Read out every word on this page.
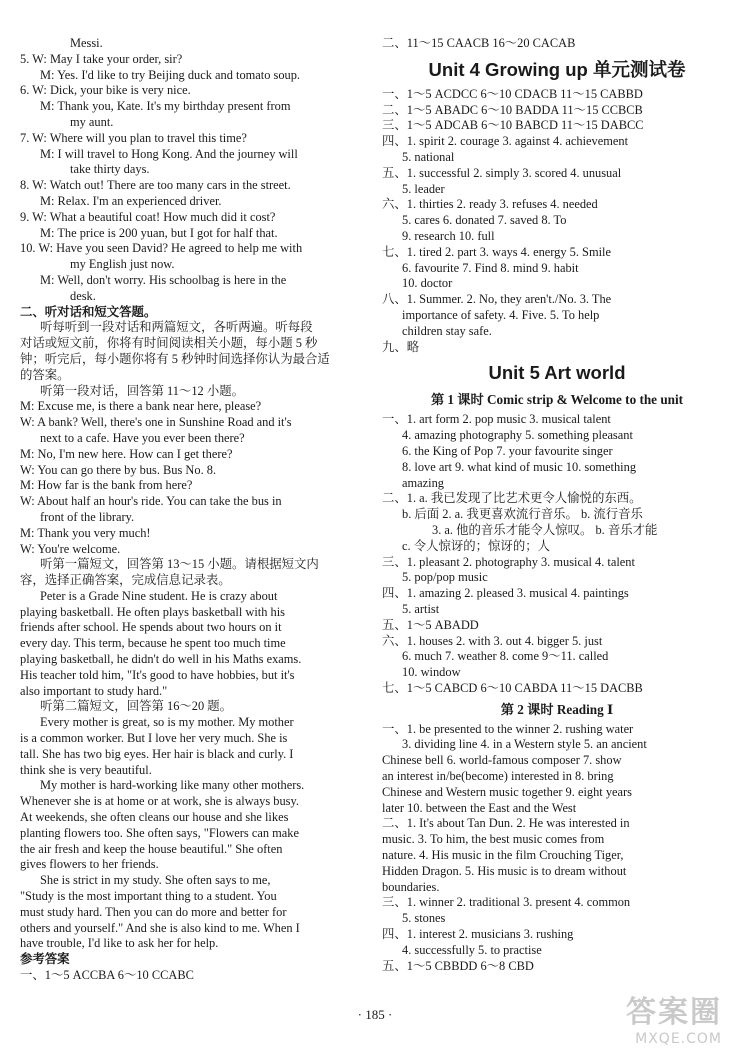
Messi.
5. W: May I take your order, sir?
M: Yes. I'd like to try Beijing duck and tomato soup.
6. W: Dick, your bike is very nice.
M: Thank you, Kate. It's my birthday present from
my aunt.
7. W: Where will you plan to travel this time?
M: I will travel to Hong Kong. And the journey will
take thirty days.
8. W: Watch out! There are too many cars in the street.
M: Relax. I'm an experienced driver.
9. W: What a beautiful coat! How much did it cost?
M: The price is 200 yuan, but I got for half that.
10. W: Have you seen David? He agreed to help me with
my English just now.
M: Well, don't worry. His schoolbag is here in the
desk.
二、听对话和短文答题。
听每听到一段对话和两篇短文，各听两遍。听每段
对话或短文前，你将有时间阅读相关小题，每小题 5 秒
钟；听完后，每小题你将有 5 秒钟时间选择你认为最合适
的答案。
听第一段对话，回答第 11～12 小题。
M: Excuse me, is there a bank near here, please?
W: A bank? Well, there's one in Sunshine Road and it's
next to a cafe. Have you ever been there?
M: No, I'm new here. How can I get there?
W: You can go there by bus. Bus No. 8.
M: How far is the bank from here?
W: About half an hour's ride. You can take the bus in
front of the library.
M: Thank you very much!
W: You're welcome.
听第一篇短文，回答第 13～15 小题。请根据短文内
容，选择正确答案，完成信息记录表。
Peter is a Grade Nine student. He is crazy about
playing basketball. He often plays basketball with his
friends after school. He spends about two hours on it
every day. This term, because he spent too much time
playing basketball, he didn't do well in his Maths exams.
His teacher told him, "It's good to have hobbies, but it's
also important to study hard."
听第二篇短文，回答第 16～20 题。
Every mother is great, so is my mother. My mother
is a common worker. But I love her very much. She is
tall. She has two big eyes. Her hair is black and curly. I
think she is very beautiful.
My mother is hard-working like many other mothers.
Whenever she is at home or at work, she is always busy.
At weekends, she often cleans our house and she likes
planting flowers too. She often says, "Flowers can make
the air fresh and keep the house beautiful." She often
gives flowers to her friends.
She is strict in my study. She often says to me,
"Study is the most important thing to a student. You
must study hard. Then you can do more and better for
others and yourself." And she is also kind to me. When I
have trouble, I'd like to ask her for help.
参考答案
一、1～5 ACCBA 6～10 CCABC
二、11～15 CAACB 16～20 CACAB
Unit 4 Growing up 单元测试卷
一、1～5 ACDCC 6～10 CDACB 11～15 CABBD
二、1～5 ABADC 6～10 BADDA 11～15 CCBCB
三、1～5 ADCAB 6～10 BABCD 11～15 DABCC
四、1. spirit 2. courage 3. against 4. achievement
5. national
五、1. successful 2. simply 3. scored 4. unusual
5. leader
六、1. thirties 2. ready 3. refuses 4. needed
5. cares 6. donated 7. saved 8. To
9. research 10. full
七、1. tired 2. part 3. ways 4. energy 5. Smile
6. favourite 7. Find 8. mind 9. habit
10. doctor
八、1. Summer. 2. No, they aren't./No. 3. The
importance of safety. 4. Five. 5. To help
children stay safe.
九、略
Unit 5 Art world
第 1 课时 Comic strip & Welcome to the unit
一、1. art form 2. pop music 3. musical talent
4. amazing photography 5. something pleasant
6. the King of Pop 7. your favourite singer
8. love art 9. what kind of music 10. something
amazing
二、1. a. 我已发现了比艺术更令人愉悦的东西。
b. 后面 2. a. 我更喜欢流行音乐。 b. 流行音乐
3. a. 他的音乐才能令人惊叹。 b. 音乐才能
c. 令人惊讶的；惊讶的；人
三、1. pleasant 2. photography 3. musical 4. talent
5. pop/pop music
四、1. amazing 2. pleased 3. musical 4. paintings
5. artist
五、1～5 ABADD
六、1. houses 2. with 3. out 4. bigger 5. just
6. much 7. weather 8. come 9～11. called
10. window
七、1～5 CABCD 6～10 CABDA 11～15 DACBB
第 2 课时 Reading Ⅰ
一、1. be presented to the winner 2. rushing water
3. dividing line 4. in a Western style 5. an ancient
Chinese bell 6. world-famous composer 7. show
an interest in/be(become) interested in 8. bring
Chinese and Western music together 9. eight years
later 10. between the East and the West
二、1. It's about Tan Dun. 2. He was interested in
music. 3. To him, the best music comes from
nature. 4. His music in the film Crouching Tiger,
Hidden Dragon. 5. His music is to dream without
boundaries.
三、1. winner 2. traditional 3. present 4. common
5. stones
四、1. interest 2. musicians 3. rushing
4. successfully 5. to practise
五、1～5 CBBDD 6～8 CBD
· 185 ·	答案圈
MXQE.COM
